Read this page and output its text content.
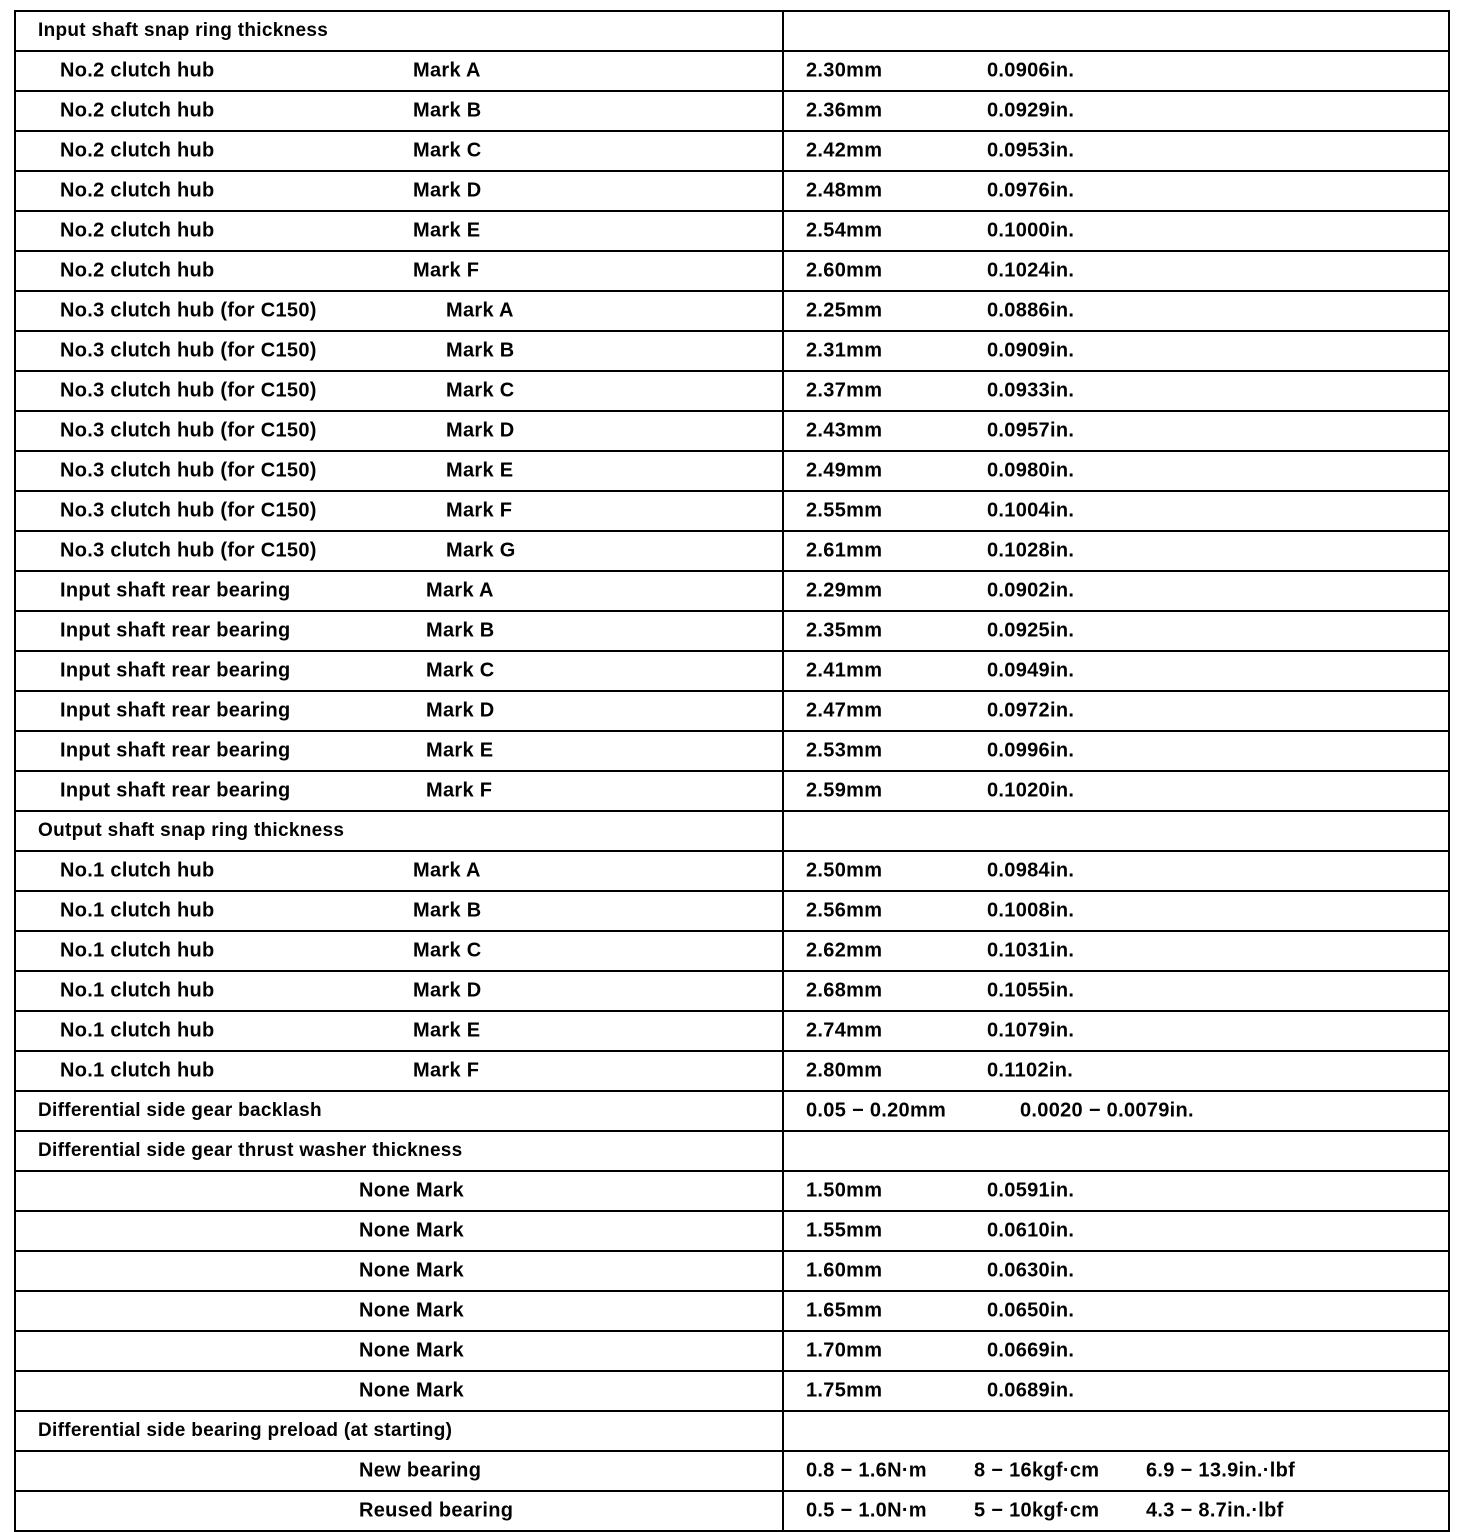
Input shaft snap ring thickness
No.2 clutch hub	Mark A	2.30mm	0.0906in.
No.2 clutch hub	Mark B	2.36mm	0.0929in.
No.2 clutch hub	Mark C	2.42mm	0.0953in.
No.2 clutch hub	Mark D	2.48mm	0.0976in.
No.2 clutch hub	Mark E	2.54mm	0.1000in.
No.2 clutch hub	Mark F	2.60mm	0.1024in.
No.3 clutch hub (for C150)	Mark A	2.25mm	0.0886in.
No.3 clutch hub (for C150)	Mark B	2.31mm	0.0909in.
No.3 clutch hub (for C150)	Mark C	2.37mm	0.0933in.
No.3 clutch hub (for C150)	Mark D	2.43mm	0.0957in.
No.3 clutch hub (for C150)	Mark E	2.49mm	0.0980in.
No.3 clutch hub (for C150)	Mark F	2.55mm	0.1004in.
No.3 clutch hub (for C150)	Mark G	2.61mm	0.1028in.
Input shaft rear bearing	Mark A	2.29mm	0.0902in.
Input shaft rear bearing	Mark B	2.35mm	0.0925in.
Input shaft rear bearing	Mark C	2.41mm	0.0949in.
Input shaft rear bearing	Mark D	2.47mm	0.0972in.
Input shaft rear bearing	Mark E	2.53mm	0.0996in.
Input shaft rear bearing	Mark F	2.59mm	0.1020in.
Output shaft snap ring thickness
No.1 clutch hub	Mark A	2.50mm	0.0984in.
No.1 clutch hub	Mark B	2.56mm	0.1008in.
No.1 clutch hub	Mark C	2.62mm	0.1031in.
No.1 clutch hub	Mark D	2.68mm	0.1055in.
No.1 clutch hub	Mark E	2.74mm	0.1079in.
No.1 clutch hub	Mark F	2.80mm	0.1102in.
Differential side gear backlash	0.05 − 0.20mm	0.0020 − 0.0079in.
Differential side gear thrust washer thickness
None Mark	1.50mm	0.0591in.
None Mark	1.55mm	0.0610in.
None Mark	1.60mm	0.0630in.
None Mark	1.65mm	0.0650in.
None Mark	1.70mm	0.0669in.
None Mark	1.75mm	0.0689in.
Differential side bearing preload (at starting)
New bearing	0.8 − 1.6N·m 8 − 16kgf·cm 6.9 − 13.9in.·lbf
Reused bearing	0.5 − 1.0N·m 5 − 10kgf·cm 4.3 − 8.7in.·lbf
